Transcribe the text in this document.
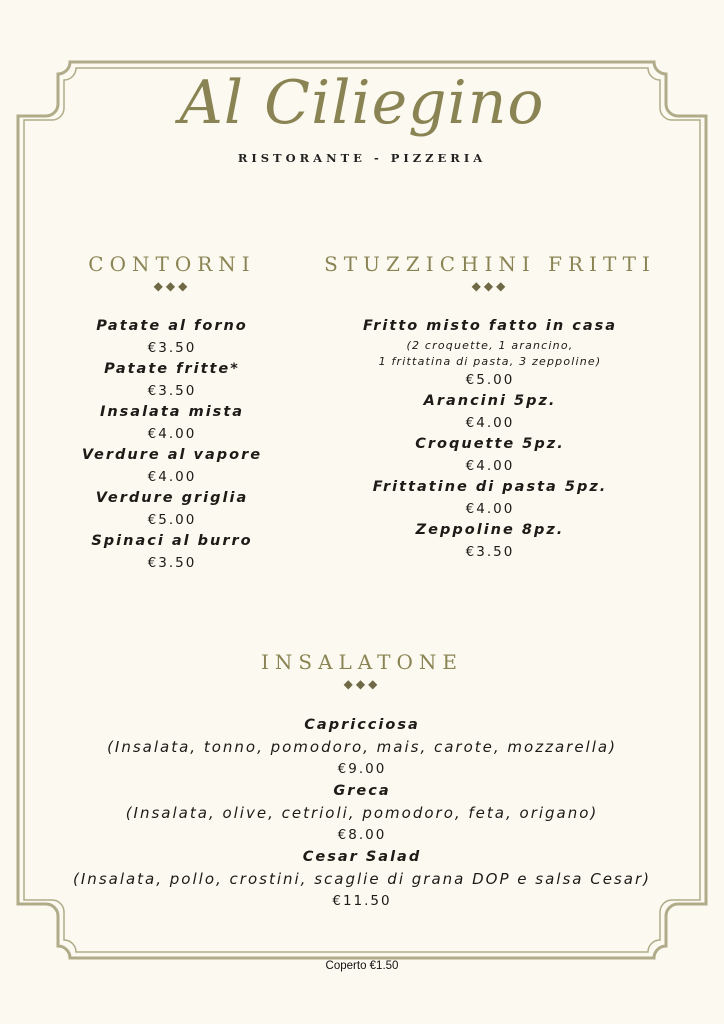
Al Ciliegino
RISTORANTE - PIZZERIA
CONTORNI
◆◆◆
Patate al forno
€3.50
Patate fritte*
€3.50
Insalata mista
€4.00
Verdure al vapore
€4.00
Verdure griglia
€5.00
Spinaci al burro
€3.50
STUZZICHINI FRITTI
◆◆◆
Fritto misto fatto in casa
(2 croquette, 1 arancino,
1 frittatina di pasta, 3 zeppoline)
€5.00
Arancini 5pz.
€4.00
Croquette 5pz.
€4.00
Frittatine di pasta 5pz.
€4.00
Zeppoline 8pz.
€3.50
INSALATONE
◆◆◆
Capricciosa
(Insalata, tonno, pomodoro, mais, carote, mozzarella)
€9.00
Greca
(Insalata, olive, cetrioli, pomodoro, feta, origano)
€8.00
Cesar Salad
(Insalata, pollo, crostini, scaglie di grana DOP e salsa Cesar)
€11.50
Coperto €1.50
